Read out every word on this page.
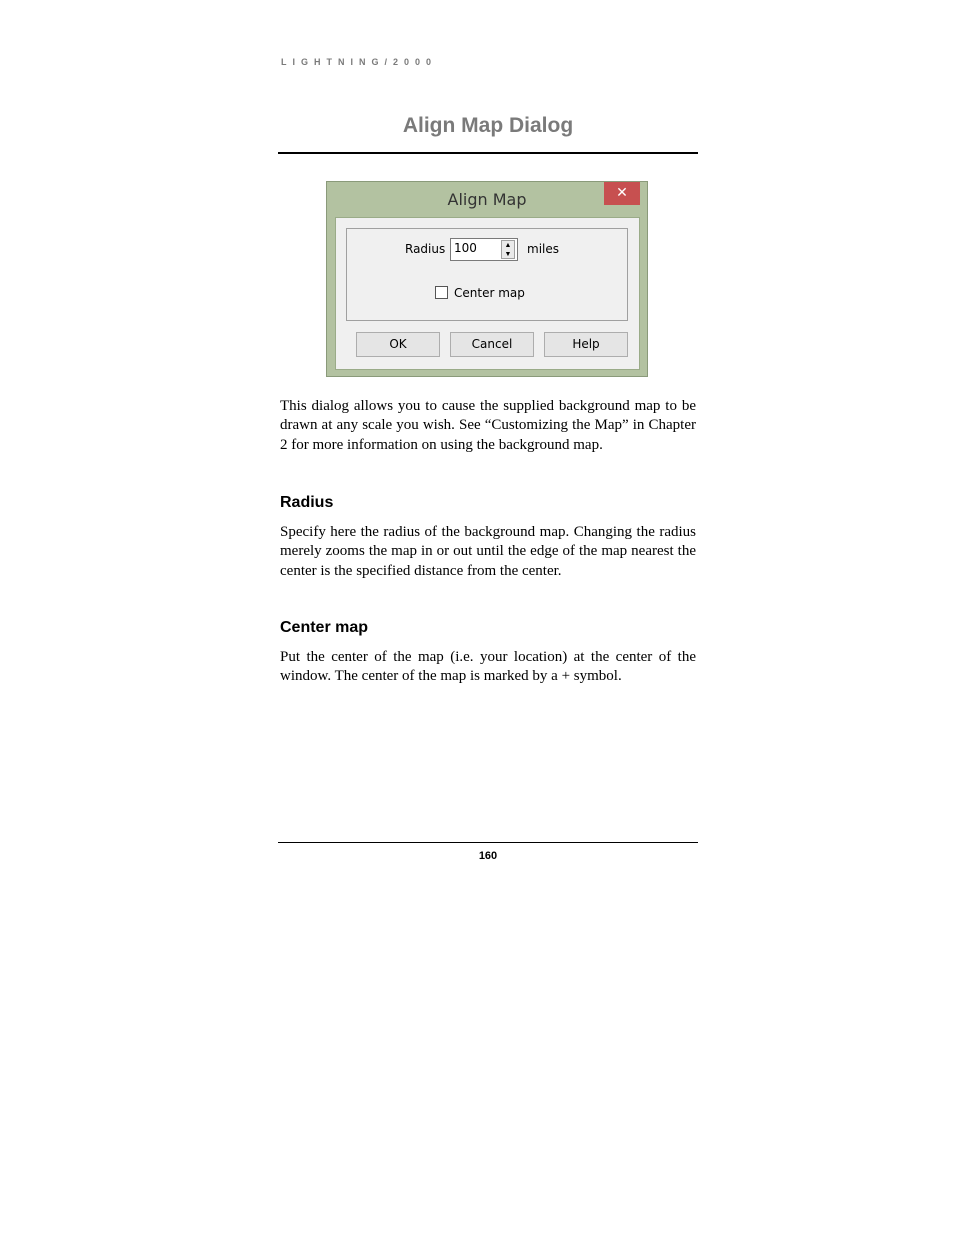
LIGHTNING/2000
Align Map Dialog
Align Map	✕
Radius 100	▲
▼ miles
Center map
OK	Cancel	Help

This dialog allows you to cause the supplied background map to be drawn at any scale you wish. See “Customizing the Map” in Chapter 2 for more information on using the background map.

Radius

Specify here the radius of the background map. Changing the radius merely zooms the map in or out until the edge of the map nearest the center is the specified distance from the center.

Center map

Put the center of the map (i.e. your location) at the center of the window. The center of the map is marked by a + symbol.

160
